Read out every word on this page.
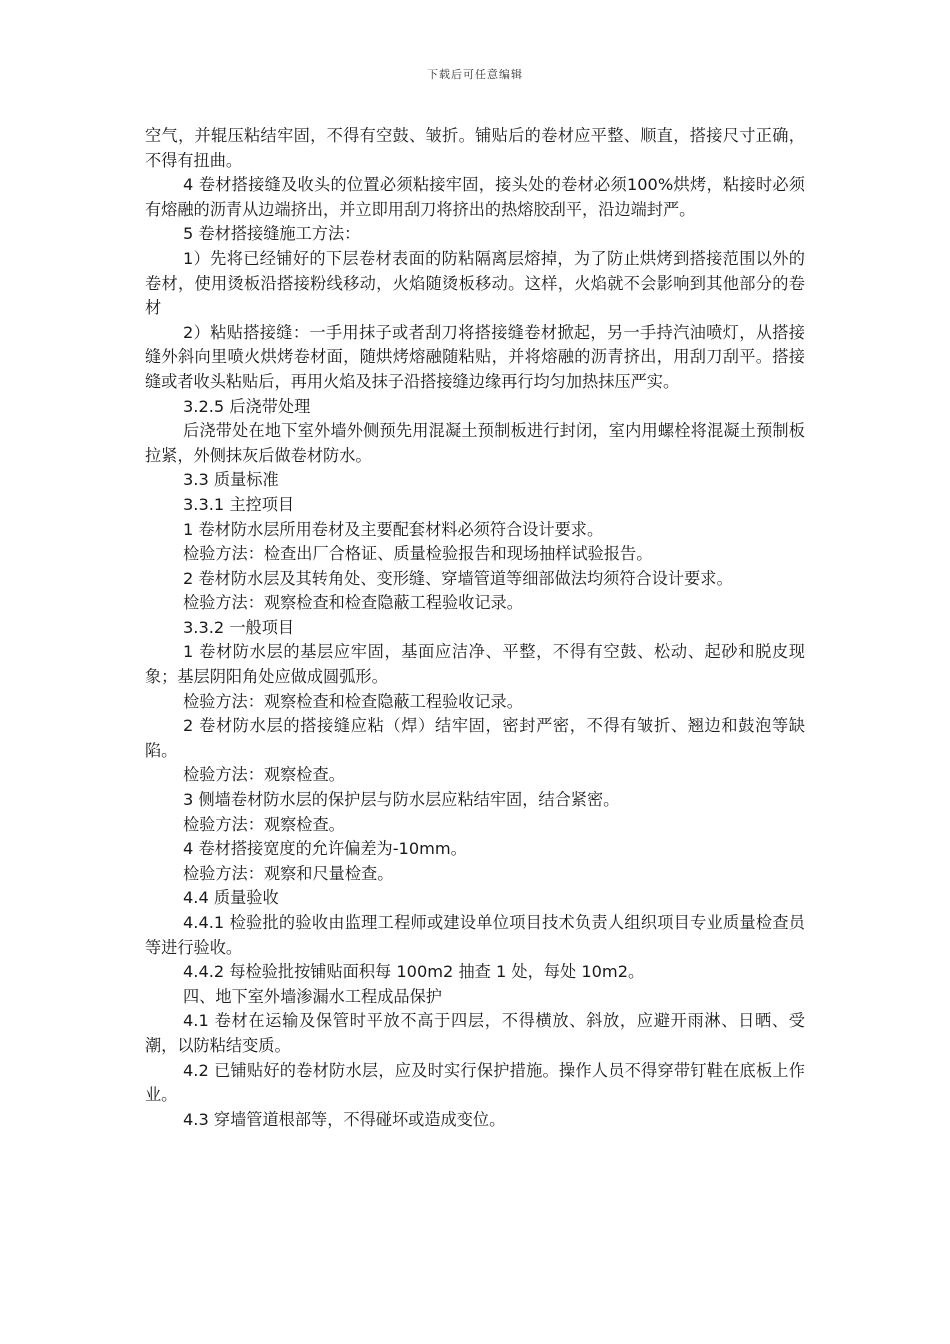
下载后可任意编辑

空气，并辊压粘结牢固，不得有空鼓、皱折。铺贴后的卷材应平整、顺直，搭接尺寸正确，不得有扭曲。

4 卷材搭接缝及收头的位置必须粘接牢固，接头处的卷材必须100%烘烤，粘接时必须有熔融的沥青从边端挤出，并立即用刮刀将挤出的热熔胶刮平，沿边端封严。

5 卷材搭接缝施工方法：

1）先将已经铺好的下层卷材表面的防粘隔离层熔掉，为了防止烘烤到搭接范围以外的卷材，使用烫板沿搭接粉线移动，火焰随烫板移动。这样，火焰就不会影响到其他部分的卷材

2）粘贴搭接缝：一手用抹子或者刮刀将搭接缝卷材掀起，另一手持汽油喷灯，从搭接缝外斜向里喷火烘烤卷材面，随烘烤熔融随粘贴，并将熔融的沥青挤出，用刮刀刮平。搭接缝或者收头粘贴后，再用火焰及抹子沿搭接缝边缘再行均匀加热抹压严实。

3.2.5 后浇带处理

后浇带处在地下室外墙外侧预先用混凝土预制板进行封闭，室内用螺栓将混凝土预制板拉紧，外侧抹灰后做卷材防水。

3.3 质量标准

3.3.1 主控项目

1 卷材防水层所用卷材及主要配套材料必须符合设计要求。

检验方法：检查出厂合格证、质量检验报告和现场抽样试验报告。

2 卷材防水层及其转角处、变形缝、穿墙管道等细部做法均须符合设计要求。

检验方法：观察检查和检查隐蔽工程验收记录。

3.3.2 一般项目

1 卷材防水层的基层应牢固，基面应洁净、平整，不得有空鼓、松动、起砂和脱皮现象；基层阴阳角处应做成圆弧形。

检验方法：观察检查和检查隐蔽工程验收记录。

2 卷材防水层的搭接缝应粘（焊）结牢固，密封严密，不得有皱折、翘边和鼓泡等缺陷。

检验方法：观察检查。

3 侧墙卷材防水层的保护层与防水层应粘结牢固，结合紧密。

检验方法：观察检查。

4 卷材搭接宽度的允许偏差为-10mm。

检验方法：观察和尺量检查。

4.4 质量验收

4.4.1 检验批的验收由监理工程师或建设单位项目技术负责人组织项目专业质量检查员等进行验收。

4.4.2 每检验批按铺贴面积每 100m2 抽查 1 处，每处 10m2。

四、地下室外墙渗漏水工程成品保护

4.1 卷材在运输及保管时平放不高于四层，不得横放、斜放，应避开雨淋、日晒、受潮，以防粘结变质。

4.2 已铺贴好的卷材防水层，应及时实行保护措施。操作人员不得穿带钉鞋在底板上作业。

4.3 穿墙管道根部等，不得碰坏或造成变位。
